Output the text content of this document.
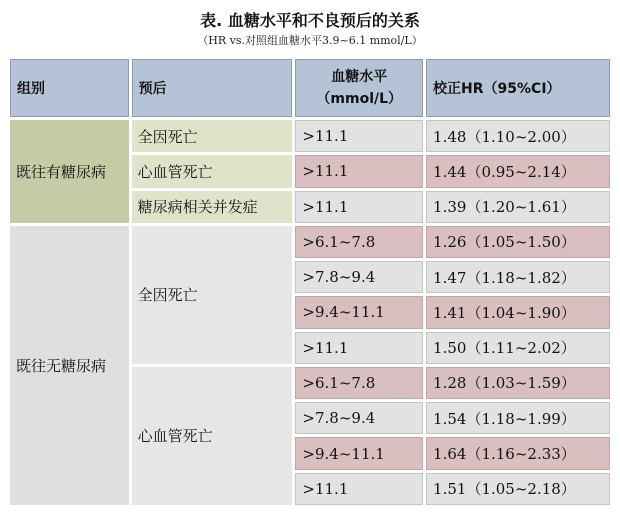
表. 血糖水平和不良预后的关系
（HR vs.对照组血糖水平3.9~6.1 mmol/L）
组别	预后	血糖水平
（mmol/L）	校正HR（95%CI）
既往有糖尿病	全因死亡	>11.1	1.48（1.10~2.00）
	心血管死亡	>11.1	1.44（0.95~2.14）
	糖尿病相关并发症	>11.1	1.39（1.20~1.61）
既往无糖尿病	全因死亡	>6.1~7.8	1.26（1.05~1.50）
		>7.8~9.4	1.47（1.18~1.82）
		>9.4~11.1	1.41（1.04~1.90）
		>11.1	1.50（1.11~2.02）
	心血管死亡	>6.1~7.8	1.28（1.03~1.59）
		>7.8~9.4	1.54（1.18~1.99）
		>9.4~11.1	1.64（1.16~2.33）
		>11.1	1.51（1.05~2.18）
